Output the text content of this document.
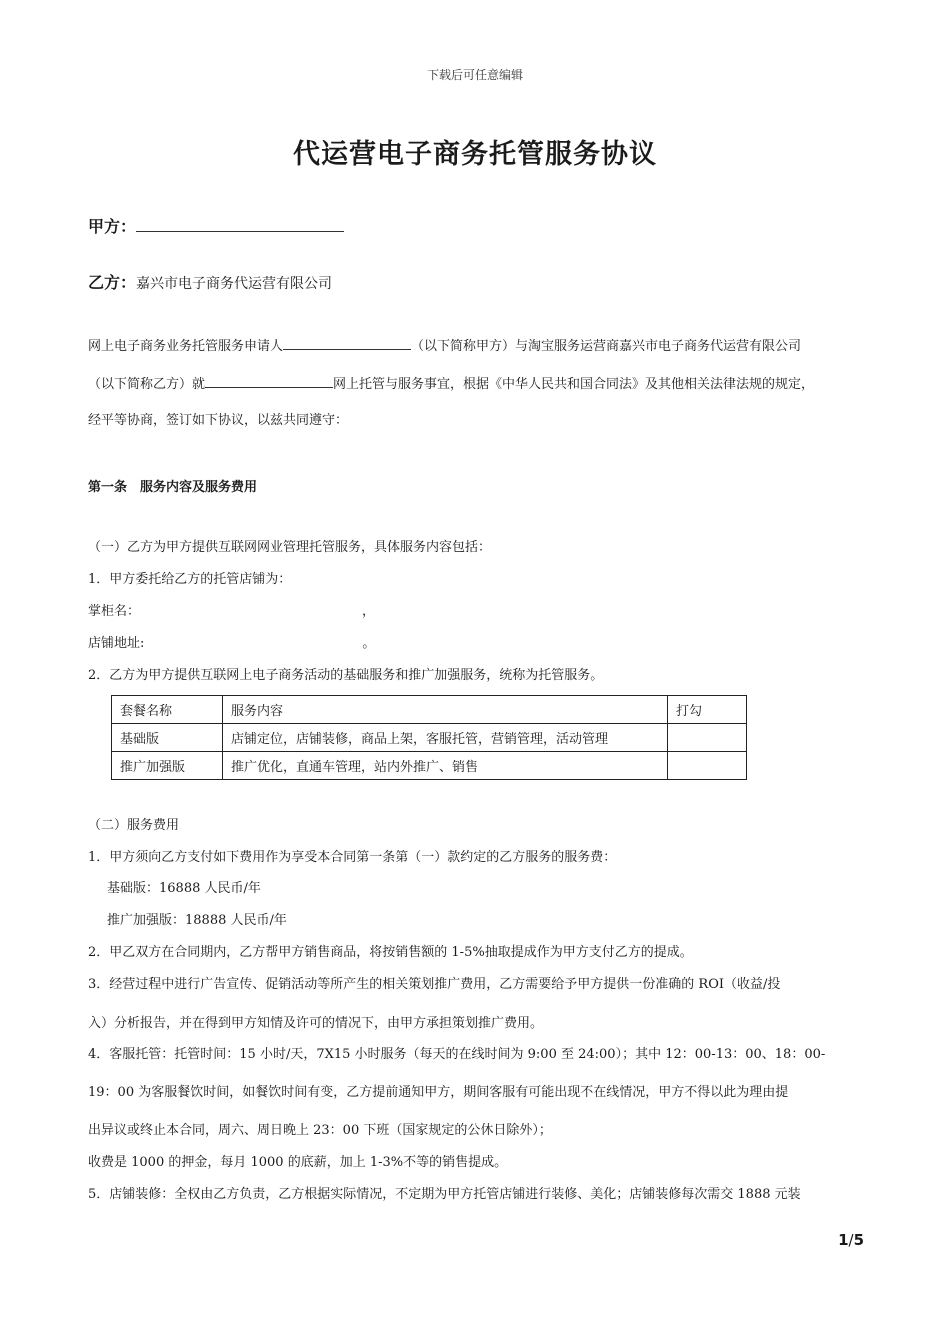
下载后可任意编辑
代运营电子商务托管服务协议
甲方：
乙方：嘉兴市电子商务代运营有限公司
网上电子商务业务托管服务申请人	（以下简称甲方）与淘宝服务运营商嘉兴市电子商务代运营有限公司
（以下简称乙方）就	网上托管与服务事宜，根据《中华人民共和国合同法》及其他相关法律法规的规定，
经平等协商，签订如下协议，以兹共同遵守：
第一条　服务内容及服务费用
（一）乙方为甲方提供互联网网业管理托管服务，具体服务内容包括：
1．甲方委托给乙方的托管店铺为：
掌柜名：	，
店铺地址:	。
2．乙方为甲方提供互联网上电子商务活动的基础服务和推广加强服务，统称为托管服务。
套餐名称	服务内容	打勾
基础版	店铺定位，店铺装修，商品上架，客服托管，营销管理，活动管理	
推广加强版	推广优化，直通车管理，站内外推广、销售	
（二）服务费用
1．甲方须向乙方支付如下费用作为享受本合同第一条第（一）款约定的乙方服务的服务费：
基础版：16888 人民币/年
推广加强版：18888 人民币/年
2．甲乙双方在合同期内，乙方帮甲方销售商品，将按销售额的 1-5%抽取提成作为甲方支付乙方的提成。
3．经营过程中进行广告宣传、促销活动等所产生的相关策划推广费用，乙方需要给予甲方提供一份准确的 ROI（收益/投
入）分析报告，并在得到甲方知情及许可的情况下，由甲方承担策划推广费用。
4．客服托管：托管时间：15 小时/天，7X15 小时服务（每天的在线时间为 9:00 至 24:00）；其中 12：00-13：00、18：00-
19：00 为客服餐饮时间，如餐饮时间有变，乙方提前通知甲方，期间客服有可能出现不在线情况，甲方不得以此为理由提
出异议或终止本合同，周六、周日晚上 23：00 下班（国家规定的公休日除外）；
收费是 1000 的押金，每月 1000 的底薪，加上 1-3%不等的销售提成。
5．店铺装修：全权由乙方负责，乙方根据实际情况，不定期为甲方托管店铺进行装修、美化；店铺装修每次需交 1888 元装
1/5
